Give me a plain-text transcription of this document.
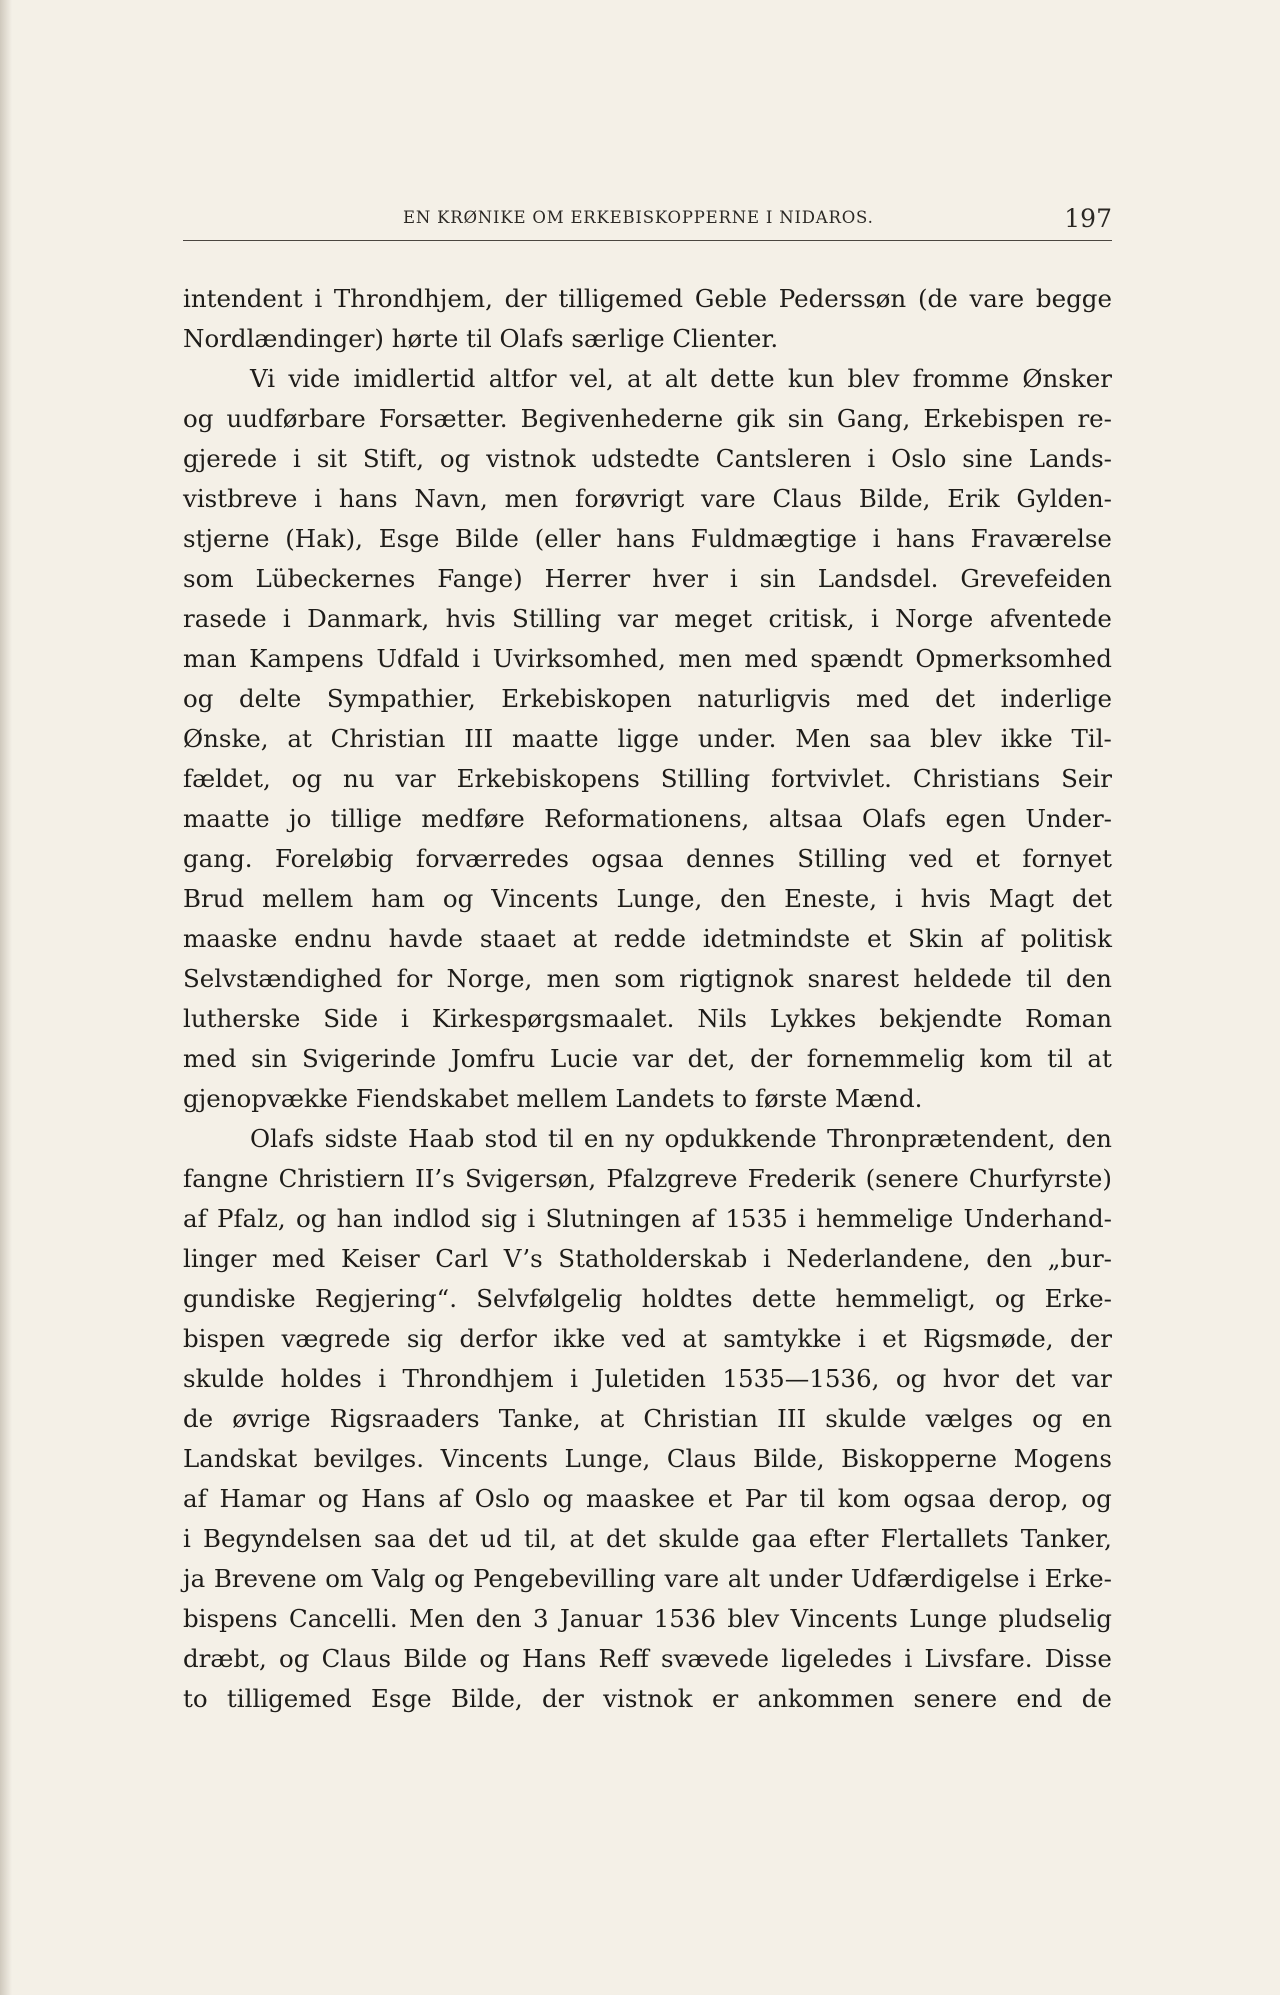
EN KRØNIKE OM ERKEBISKOPPERNE I NIDAROS.	197
intendent i Throndhjem, der tilligemed Geble Pederssøn (de vare begge
Nordlændinger) hørte til Olafs særlige Clienter.
Vi vide imidlertid altfor vel, at alt dette kun blev fromme Ønsker
og uudførbare Forsætter. Begivenhederne gik sin Gang, Erkebispen re-
gjerede i sit Stift, og vistnok udstedte Cantsleren i Oslo sine Lands-
vistbreve i hans Navn, men forøvrigt vare Claus Bilde, Erik Gylden-
stjerne (Hak), Esge Bilde (eller hans Fuldmægtige i hans Fraværelse
som Lübeckernes Fange) Herrer hver i sin Landsdel. Grevefeiden
rasede i Danmark, hvis Stilling var meget critisk, i Norge afventede
man Kampens Udfald i Uvirksomhed, men med spændt Opmerksomhed
og delte Sympathier, Erkebiskopen naturligvis med det inderlige
Ønske, at Christian III maatte ligge under. Men saa blev ikke Til-
fældet, og nu var Erkebiskopens Stilling fortvivlet. Christians Seir
maatte jo tillige medføre Reformationens, altsaa Olafs egen Under-
gang. Foreløbig forværredes ogsaa dennes Stilling ved et fornyet
Brud mellem ham og Vincents Lunge, den Eneste, i hvis Magt det
maaske endnu havde staaet at redde idetmindste et Skin af politisk
Selvstændighed for Norge, men som rigtignok snarest heldede til den
lutherske Side i Kirkespørgsmaalet. Nils Lykkes bekjendte Roman
med sin Svigerinde Jomfru Lucie var det, der fornemmelig kom til at
gjenopvække Fiendskabet mellem Landets to første Mænd.
Olafs sidste Haab stod til en ny opdukkende Thronprætendent, den
fangne Christiern II’s Svigersøn, Pfalzgreve Frederik (senere Churfyrste)
af Pfalz, og han indlod sig i Slutningen af 1535 i hemmelige Underhand-
linger med Keiser Carl V’s Statholderskab i Nederlandene, den „bur-
gundiske Regjering“. Selvfølgelig holdtes dette hemmeligt, og Erke-
bispen vægrede sig derfor ikke ved at samtykke i et Rigsmøde, der
skulde holdes i Throndhjem i Juletiden 1535—1536, og hvor det var
de øvrige Rigsraaders Tanke, at Christian III skulde vælges og en
Landskat bevilges. Vincents Lunge, Claus Bilde, Biskopperne Mogens
af Hamar og Hans af Oslo og maaskee et Par til kom ogsaa derop, og
i Begyndelsen saa det ud til, at det skulde gaa efter Flertallets Tanker,
ja Brevene om Valg og Pengebevilling vare alt under Udfærdigelse i Erke-
bispens Cancelli. Men den 3 Januar 1536 blev Vincents Lunge pludselig
dræbt, og Claus Bilde og Hans Reff svævede ligeledes i Livsfare. Disse
to tilligemed Esge Bilde, der vistnok er ankommen senere end de
